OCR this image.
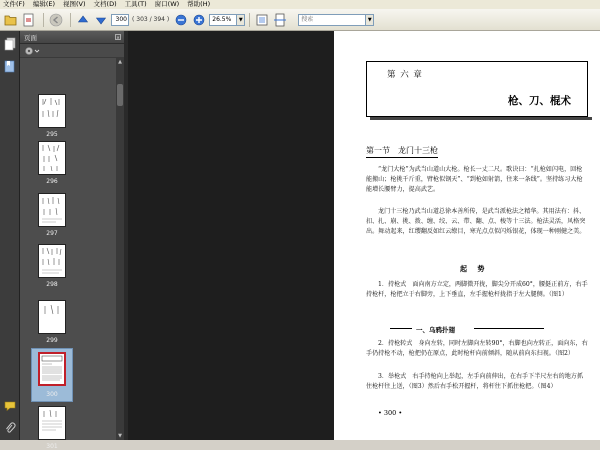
文件(F) 编辑(E) 视图(V) 文档(D) 工具(T) 窗口(W) 帮助(H)
300
( 303 / 394 )
26.5%	▼
搜索	▼
页面	✕
295
296
297
298
299
300
301
▲
▼
第 六 章
枪、刀、棍术
第一节　龙门十三枪

“龙门大枪”为武当山道山大枪。枪长一丈二尺。歌诀曰：“扎枪如闪电，回枪能搬山；枪挑千斤重，臂枪似钢天”、“到枪如射箭，往来一条线”。坚持练习大枪能增长腰臂力，提高武艺。

龙门十三枪乃武当山道总徐本善所传，是武当派枪法之精华。其用法有：抖、扣、扎、崩、挑、拨、缠、绞、云、带、翻、点、梭等十三法。枪法灵活，风格突出。舞动起来，红缨翻反如红云缭目，寒光点点似闪烁银花，体现一种刚健之美。

起 势

1．持枪式　面向南方立定，两脚微开拢，脚尖分开成60°，腰挺正前方，右手持枪杆，枪把立于右脚旁，上下垂直，左手握枪杆拢指于左大腿侧。（图1）

一、乌鸦扑翅

2．持枪转式　身向左转，同时左脚向左转90°，右脚也向左转正，面向东，右手仍持枪不动，枪把仍在原点，此时枪杆向前倾斜，随从前向东扫视。（图2）

3．举枪式　右手持枪向上举起，左手向前伸出，在右手下半尺左右的地方抓住枪杆往上送，（图3）然后右手松开握杆，将杆往下抓住枪把。（图4）

• 300 •
